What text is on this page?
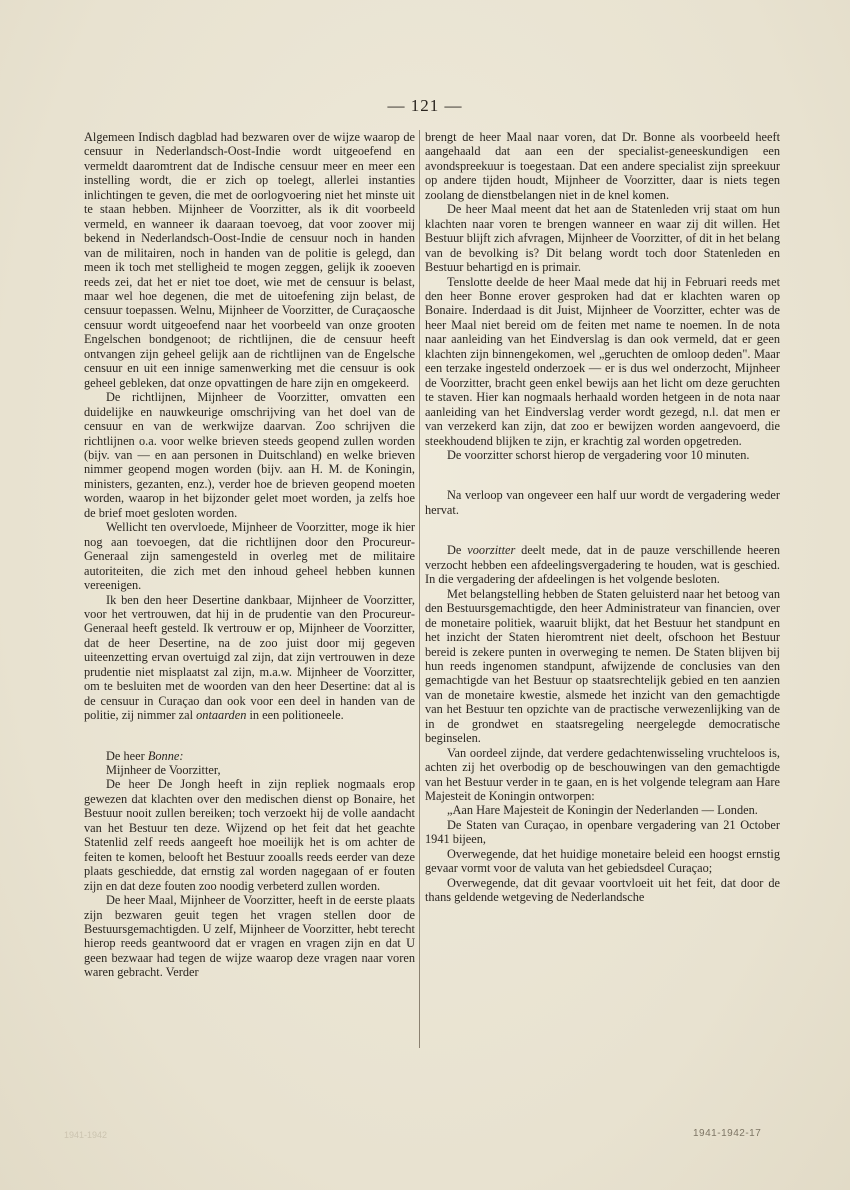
— 121 —

Algemeen Indisch dagblad had bezwaren over de wijze waarop de censuur in Nederlandsch-Oost-Indie wordt uitgeoefend en vermeldt daaromtrent dat de Indische censuur meer en meer een instelling wordt, die er zich op toelegt, allerlei instanties inlichtingen te geven, die met de oorlogvoering niet het minste uit te staan hebben. Mijnheer de Voorzitter, als ik dit voorbeeld vermeld, en wanneer ik daaraan toevoeg, dat voor zoover mij bekend in Nederlandsch-Oost-Indie de censuur noch in handen van de militairen, noch in handen van de politie is gelegd, dan meen ik toch met stelligheid te mogen zeggen, gelijk ik zooeven reeds zei, dat het er niet toe doet, wie met de censuur is belast, maar wel hoe degenen, die met de uitoefening zijn belast, de censuur toepassen. Welnu, Mijnheer de Voorzitter, de Curaçaosche censuur wordt uitgeoefend naar het voorbeeld van onze grooten Engelschen bondgenoot; de richtlijnen, die de censuur heeft ontvangen zijn geheel gelijk aan de richtlijnen van de Engelsche censuur en uit een innige samenwerking met die censuur is ook geheel gebleken, dat onze opvattingen de hare zijn en omgekeerd.

De richtlijnen, Mijnheer de Voorzitter, omvatten een duidelijke en nauwkeurige omschrijving van het doel van de censuur en van de werkwijze daarvan. Zoo schrijven die richtlijnen o.a. voor welke brieven steeds geopend zullen worden (bijv. van — en aan personen in Duitschland) en welke brieven nimmer geopend mogen worden (bijv. aan H. M. de Koningin, ministers, gezanten, enz.), verder hoe de brieven geopend moeten worden, waarop in het bijzonder gelet moet worden, ja zelfs hoe de brief moet gesloten worden.

Wellicht ten overvloede, Mijnheer de Voorzitter, moge ik hier nog aan toevoegen, dat die richtlijnen door den Procureur-Generaal zijn samengesteld in overleg met de militaire autoriteiten, die zich met den inhoud geheel hebben kunnen vereenigen.

Ik ben den heer Desertine dankbaar, Mijnheer de Voorzitter, voor het vertrouwen, dat hij in de prudentie van den Procureur-Generaal heeft gesteld. Ik vertrouw er op, Mijnheer de Voorzitter, dat de heer Desertine, na de zoo juist door mij gegeven uiteenzetting ervan overtuigd zal zijn, dat zijn vertrouwen in deze prudentie niet misplaatst zal zijn, m.a.w. Mijnheer de Voorzitter, om te besluiten met de woorden van den heer Desertine: dat al is de censuur in Curaçao dan ook voor een deel in handen van de politie, zij nimmer zal ontaarden in een politioneele.

De heer Bonne:

Mijnheer de Voorzitter,

De heer De Jongh heeft in zijn repliek nogmaals erop gewezen dat klachten over den medischen dienst op Bonaire, het Bestuur nooit zullen bereiken; toch verzoekt hij de volle aandacht van het Bestuur ten deze. Wijzend op het feit dat het geachte Statenlid zelf reeds aangeeft hoe moeilijk het is om achter de feiten te komen, belooft het Bestuur zooalls reeds eerder van deze plaats geschiedde, dat ernstig zal worden nagegaan of er fouten zijn en dat deze fouten zoo noodig verbeterd zullen worden.

De heer Maal, Mijnheer de Voorzitter, heeft in de eerste plaats zijn bezwaren geuit tegen het vragen stellen door de Bestuursgemachtigden. U zelf, Mijnheer de Voorzitter, hebt terecht hierop reeds geantwoord dat er vragen en vragen zijn en dat U geen bezwaar had tegen de wijze waarop deze vragen naar voren waren gebracht. Verder

brengt de heer Maal naar voren, dat Dr. Bonne als voorbeeld heeft aangehaald dat aan een der specialist-geneeskundigen een avondspreekuur is toegestaan. Dat een andere specialist zijn spreekuur op andere tijden houdt, Mijnheer de Voorzitter, daar is niets tegen zoolang de dienstbelangen niet in de knel komen.

De heer Maal meent dat het aan de Statenleden vrij staat om hun klachten naar voren te brengen wanneer en waar zij dit willen. Het Bestuur blijft zich afvragen, Mijnheer de Voorzitter, of dit in het belang van de bevolking is? Dit belang wordt toch door Statenleden en Bestuur behartigd en is primair.

Tenslotte deelde de heer Maal mede dat hij in Februari reeds met den heer Bonne erover gesproken had dat er klachten waren op Bonaire. Inderdaad is dit Juist, Mijnheer de Voorzitter, echter was de heer Maal niet bereid om de feiten met name te noemen. In de nota naar aanleiding van het Eindverslag is dan ook vermeld, dat er geen klachten zijn binnengekomen, wel „geruchten de omloop deden". Maar een terzake ingesteld onderzoek — er is dus wel onderzocht, Mijnheer de Voorzitter, bracht geen enkel bewijs aan het licht om deze geruchten te staven. Hier kan nogmaals herhaald worden hetgeen in de nota naar aanleiding van het Eindverslag verder wordt gezegd, n.l. dat men er van verzekerd kan zijn, dat zoo er bewijzen worden aangevoerd, die steekhoudend blijken te zijn, er krachtig zal worden opgetreden.

De voorzitter schorst hierop de vergadering voor 10 minuten.

Na verloop van ongeveer een half uur wordt de vergadering weder hervat.

De voorzitter deelt mede, dat in de pauze verschillende heeren verzocht hebben een afdeelingsvergadering te houden, wat is geschied. In die vergadering der afdeelingen is het volgende besloten.

Met belangstelling hebben de Staten geluisterd naar het betoog van den Bestuursgemachtigde, den heer Administrateur van financien, over de monetaire politiek, waaruit blijkt, dat het Bestuur het standpunt en het inzicht der Staten hieromtrent niet deelt, ofschoon het Bestuur bereid is zekere punten in overweging te nemen. De Staten blijven bij hun reeds ingenomen standpunt, afwijzende de conclusies van den gemachtigde van het Bestuur op staatsrechtelijk gebied en ten aanzien van de monetaire kwestie, alsmede het inzicht van den gemachtigde van het Bestuur ten opzichte van de practische verwezenlijking van de in de grondwet en staatsregeling neergelegde democratische beginselen.

Van oordeel zijnde, dat verdere gedachtenwisseling vruchteloos is, achten zij het overbodig op de beschouwingen van den gemachtigde van het Bestuur verder in te gaan, en is het volgende telegram aan Hare Majesteit de Koningin ontworpen:

„Aan Hare Majesteit de Koningin der Nederlanden — Londen.

De Staten van Curaçao, in openbare vergadering van 21 October 1941 bijeen,

Overwegende, dat het huidige monetaire beleid een hoogst ernstig gevaar vormt voor de valuta van het gebiedsdeel Curaçao;

Overwegende, dat dit gevaar voortvloeit uit het feit, dat door de thans geldende wetgeving de Nederlandsche

1941-1942	1941-1942-17
